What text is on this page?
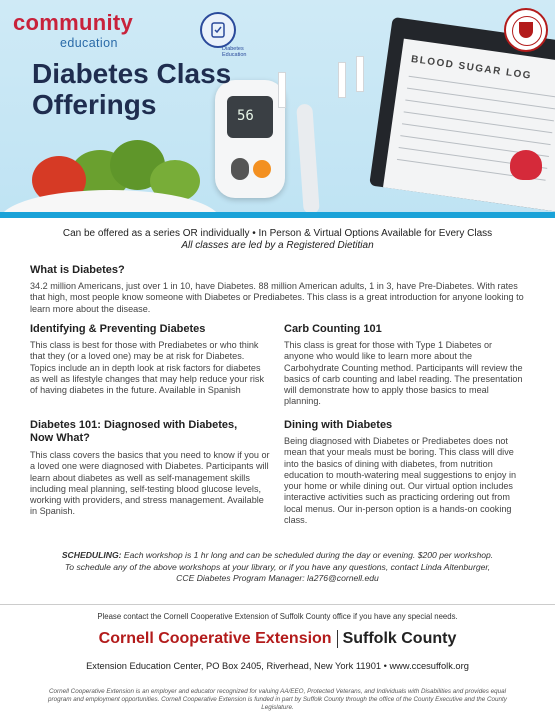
56
BLOOD SUGAR LOG
community
education	Diabetes Education
Diabetes Class Offerings
Can be offered as a series OR individually • In Person & Virtual Options Available for Every Class
All classes are led by a Registered Dietitian
What is Diabetes?

34.2 million Americans, just over 1 in 10, have Diabetes. 88 million American adults, 1 in 3, have Pre-Diabetes. With rates that high, most people know someone with Diabetes or Prediabetes. This class is a great introduction for anyone looking to learn more about the disease.

Identifying & Preventing Diabetes

This class is best for those with Prediabetes or who think that they (or a loved one) may be at risk for Diabetes. Topics include an in depth look at risk factors for diabetes as well as lifestyle changes that may help reduce your risk of having diabetes in the future. Available in Spanish

Carb Counting 101

This class is great for those with Type 1 Diabetes or anyone who would like to learn more about the Carbohydrate Counting method. Participants will review the basics of carb counting and label reading. The presentation will demonstrate how to apply those basics to meal planning.

Diabetes 101: Diagnosed with Diabetes, Now What?

This class covers the basics that you need to know if you or a loved one were diagnosed with Diabetes. Participants will learn about diabetes as well as self-management skills including meal planning, self-testing blood glucose levels, working with providers, and stress management. Available in Spanish.

Dining with Diabetes

Being diagnosed with Diabetes or Prediabetes does not mean that your meals must be boring. This class will dive into the basics of dining with diabetes, from nutrition education to mouth-watering meal suggestions to enjoy in your home or while dining out. Our virtual option includes interactive activities such as practicing ordering out from local menus. Our in-person option is a hands-on cooking class.

SCHEDULING: Each workshop is 1 hr long and can be scheduled during the day or evening. $200 per workshop. To schedule any of the above workshops at your library, or if you have any questions, contact Linda Altenburger, CCE Diabetes Program Manager: la276@cornell.edu
Please contact the Cornell Cooperative Extension of Suffolk County office if you have any special needs.
Cornell Cooperative Extension Suffolk County
Extension Education Center, PO Box 2405, Riverhead, New York 11901 • www.ccesuffolk.org
Cornell Cooperative Extension is an employer and educator recognized for valuing AA/EEO, Protected Veterans, and Individuals with Disabilities and provides equal program and employment opportunities. Cornell Cooperative Extension is funded in part by Suffolk County through the office of the County Executive and the County Legislature.
